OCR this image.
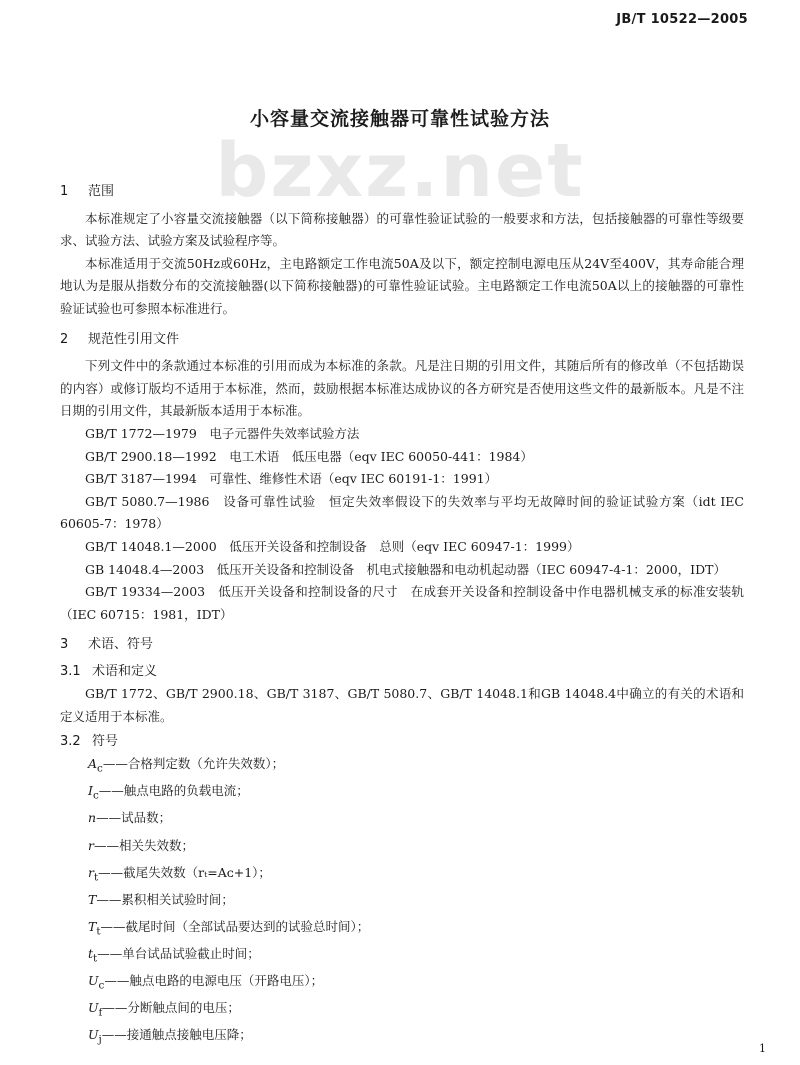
bzxz.net
JB/T 10522—2005
小容量交流接触器可靠性试验方法
1 范围

本标准规定了小容量交流接触器（以下简称接触器）的可靠性验证试验的一般要求和方法，包括接触器的可靠性等级要求、试验方法、试验方案及试验程序等。

本标准适用于交流50Hz或60Hz，主电路额定工作电流50A及以下，额定控制电源电压从24V至400V，其寿命能合理地认为是服从指数分布的交流接触器(以下简称接触器)的可靠性验证试验。主电路额定工作电流50A以上的接触器的可靠性验证试验也可参照本标准进行。

2 规范性引用文件

下列文件中的条款通过本标准的引用而成为本标准的条款。凡是注日期的引用文件，其随后所有的修改单（不包括勘误的内容）或修订版均不适用于本标准，然而，鼓励根据本标准达成协议的各方研究是否使用这些文件的最新版本。凡是不注日期的引用文件，其最新版本适用于本标准。

GB/T 1772—1979　电子元器件失效率试验方法

GB/T 2900.18—1992　电工术语　低压电器（eqv IEC 60050-441：1984）

GB/T 3187—1994　可靠性、维修性术语（eqv IEC 60191-1：1991）

GB/T 5080.7—1986　设备可靠性试验　恒定失效率假设下的失效率与平均无故障时间的验证试验方案（idt IEC 60605-7：1978）

GB/T 14048.1—2000　低压开关设备和控制设备　总则（eqv IEC 60947-1：1999）

GB 14048.4—2003　低压开关设备和控制设备　机电式接触器和电动机起动器（IEC 60947-4-1：2000，IDT）

GB/T 19334—2003　低压开关设备和控制设备的尺寸　在成套开关设备和控制设备中作电器机械支承的标准安装轨（IEC 60715：1981，IDT）

3 术语、符号
3.1 术语和定义

GB/T 1772、GB/T 2900.18、GB/T 3187、GB/T 5080.7、GB/T 14048.1和GB 14048.4中确立的有关的术语和定义适用于本标准。

3.2 符号

$A_c——$合格判定数（允许失效数）；

$I_c——$触点电路的负载电流；

n——试品数；

r——相关失效数；

$r_t——$截尾失效数（rₜ=Aᴄ+1）；

T——累积相关试验时间；

$T_t——$截尾时间（全部试品要达到的试验总时间）；

$t_t——$单台试品试验截止时间；

$U_c——$触点电路的电源电压（开路电压）；

$U_f——$分断触点间的电压；

$U_j——$接通触点接触电压降；

1
